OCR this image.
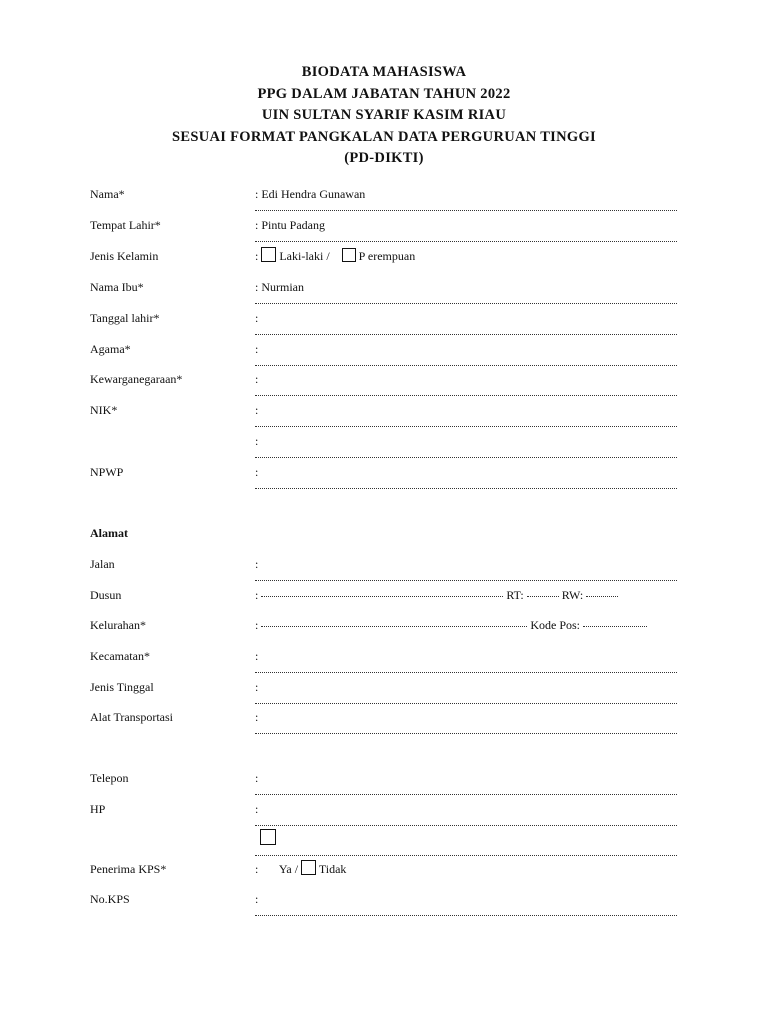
BIODATA MAHASISWA
PPG DALAM JABATAN TAHUN 2022
UIN SULTAN SYARIF KASIM RIAU
SESUAI FORMAT PANGKALAN DATA PERGURUAN TINGGI
(PD-DIKTI)
Nama*	: Edi Hendra Gunawan
Tempat Lahir*	: Pintu Padang
Jenis Kelamin	: Laki-laki / P erempuan
Nama Ibu*	: Nurmian
Tanggal lahir*	:
Agama*	:
Kewarganegaraan*	:
NIK*	:
:
NPWP	:
Alamat
Jalan	:
Dusun	:	RT:	RW:
Kelurahan*	:	Kode Pos:
Kecamatan*	:
Jenis Tinggal	:
Alat Transportasi	:
Telepon	:
HP	:
Penerima KPS*	: Ya / Tidak
No.KPS	:
